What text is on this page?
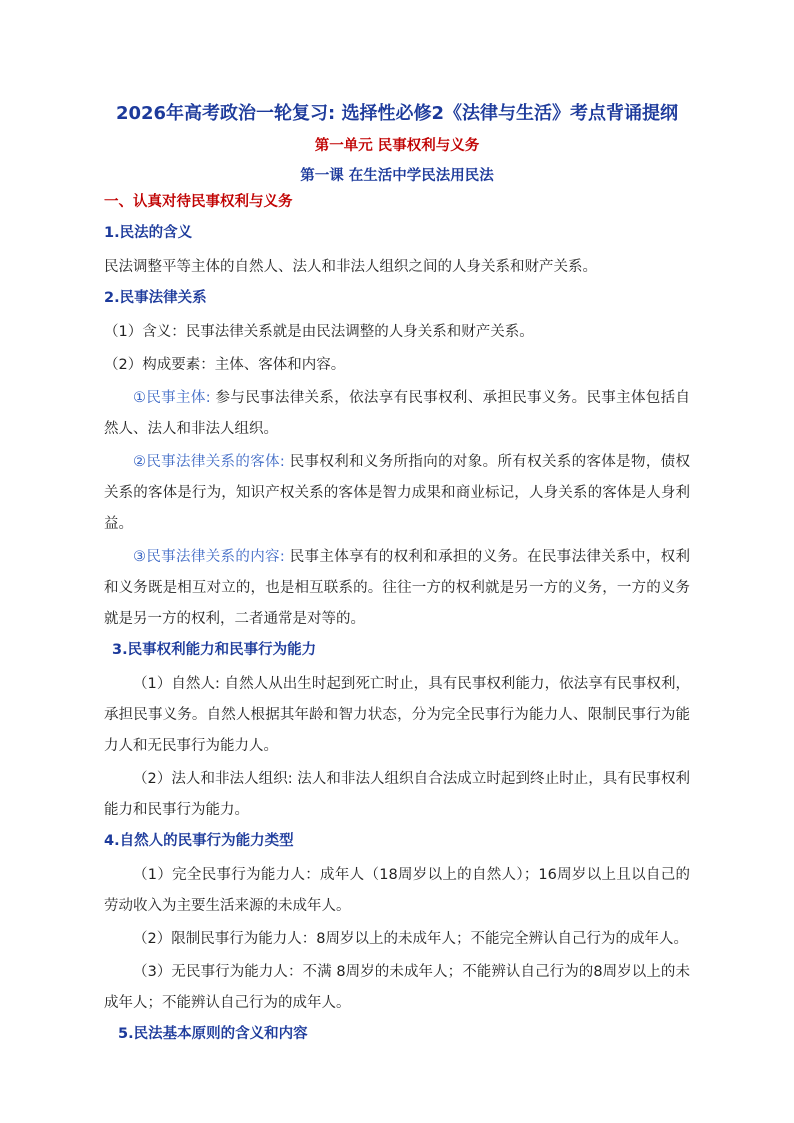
2026年高考政治一轮复习: 选择性必修2《法律与生活》考点背诵提纲
第一单元 民事权利与义务
第一课 在生活中学民法用民法
一、认真对待民事权利与义务
1.民法的含义
民法调整平等主体的自然人、法人和非法人组织之间的人身关系和财产关系。
2.民事法律关系
（1）含义：民事法律关系就是由民法调整的人身关系和财产关系。
（2）构成要素：主体、客体和内容。
①民事主体: 参与民事法律关系，依法享有民事权利、承担民事义务。民事主体包括自然人、法人和非法人组织。
②民事法律关系的客体: 民事权利和义务所指向的对象。所有权关系的客体是物，债权关系的客体是行为，知识产权关系的客体是智力成果和商业标记，人身关系的客体是人身利益。
③民事法律关系的内容: 民事主体享有的权利和承担的义务。在民事法律关系中，权利和义务既是相互对立的，也是相互联系的。往往一方的权利就是另一方的义务，一方的义务就是另一方的权利，二者通常是对等的。
3.民事权利能力和民事行为能力
（1）自然人: 自然人从出生时起到死亡时止，具有民事权利能力，依法享有民事权利，承担民事义务。自然人根据其年龄和智力状态，分为完全民事行为能力人、限制民事行为能力人和无民事行为能力人。
（2）法人和非法人组织: 法人和非法人组织自合法成立时起到终止时止，具有民事权利能力和民事行为能力。
4.自然人的民事行为能力类型
（1）完全民事行为能力人：成年人（18周岁以上的自然人）；16周岁以上且以自己的劳动收入为主要生活来源的未成年人。
（2）限制民事行为能力人：8周岁以上的未成年人；不能完全辨认自己行为的成年人。
（3）无民事行为能力人：不满 8周岁的未成年人；不能辨认自己行为的8周岁以上的未成年人；不能辨认自己行为的成年人。
5.民法基本原则的含义和内容
